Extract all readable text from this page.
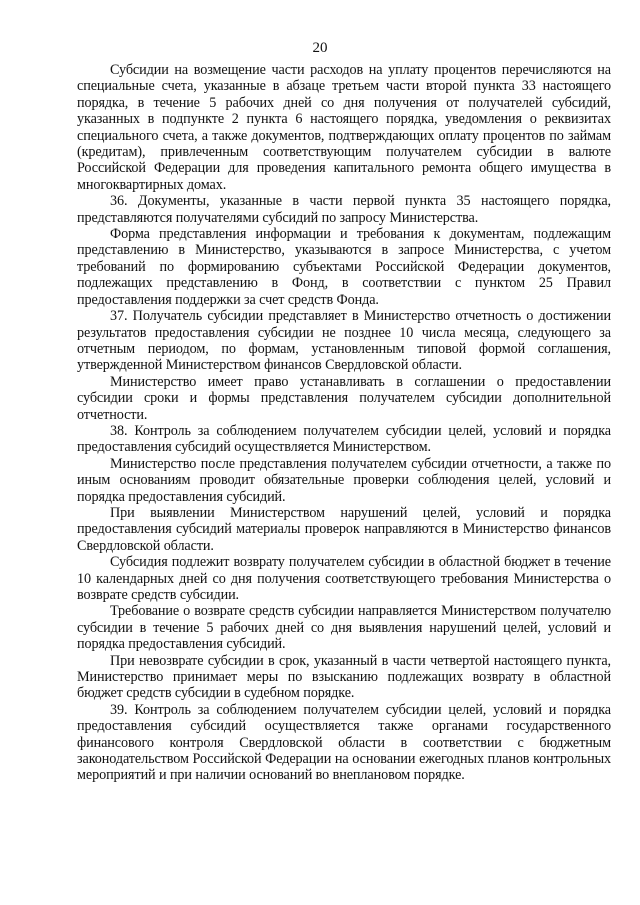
20

Субсидии на возмещение части расходов на уплату процентов перечисляются на специальные счета, указанные в абзаце третьем части второй пункта 33 настоящего порядка, в течение 5 рабочих дней со дня получения от получателей субсидий, указанных в подпункте 2 пункта 6 настоящего порядка, уведомления о реквизитах специального счета, а также документов, подтверждающих оплату процентов по займам (кредитам), привлеченным соответствующим получателем субсидии в валюте Российской Федерации для проведения капитального ремонта общего имущества в многоквартирных домах.

36. Документы, указанные в части первой пункта 35 настоящего порядка, представляются получателями субсидий по запросу Министерства.

Форма представления информации и требования к документам, подлежащим представлению в Министерство, указываются в запросе Министерства, с учетом требований по формированию субъектами Российской Федерации документов, подлежащих представлению в Фонд, в соответствии с пунктом 25 Правил предоставления поддержки за счет средств Фонда.

37. Получатель субсидии представляет в Министерство отчетность о достижении результатов предоставления субсидии не позднее 10 числа месяца, следующего за отчетным периодом, по формам, установленным типовой формой соглашения, утвержденной Министерством финансов Свердловской области.

Министерство имеет право устанавливать в соглашении о предоставлении субсидии сроки и формы представления получателем субсидии дополнительной отчетности.

38. Контроль за соблюдением получателем субсидии целей, условий и порядка предоставления субсидий осуществляется Министерством.

Министерство после представления получателем субсидии отчетности, а также по иным основаниям проводит обязательные проверки соблюдения целей, условий и порядка предоставления субсидий.

При выявлении Министерством нарушений целей, условий и порядка предоставления субсидий материалы проверок направляются в Министерство финансов Свердловской области.

Субсидия подлежит возврату получателем субсидии в областной бюджет в течение 10 календарных дней со дня получения соответствующего требования Министерства о возврате средств субсидии.

Требование о возврате средств субсидии направляется Министерством получателю субсидии в течение 5 рабочих дней со дня выявления нарушений целей, условий и порядка предоставления субсидий.

При невозврате субсидии в срок, указанный в части четвертой настоящего пункта, Министерство принимает меры по взысканию подлежащих возврату в областной бюджет средств субсидии в судебном порядке.

39. Контроль за соблюдением получателем субсидии целей, условий и порядка предоставления субсидий осуществляется также органами государственного финансового контроля Свердловской области в соответствии с бюджетным законодательством Российской Федерации на основании ежегодных планов контрольных мероприятий и при наличии оснований во внеплановом порядке.
